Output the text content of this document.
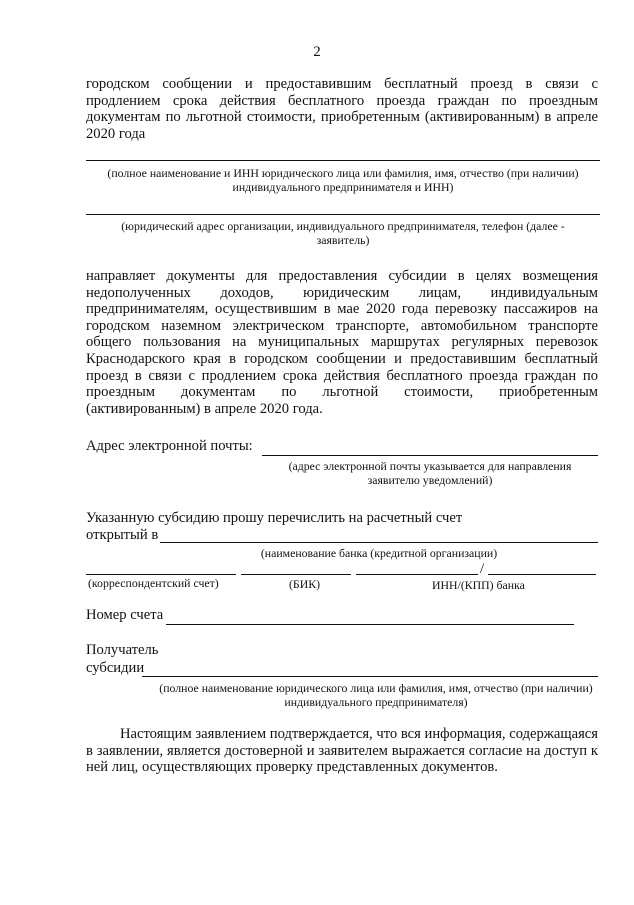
2
городском сообщении и предоставившим бесплатный проезд в связи с продлением срока действия бесплатного проезда граждан по проездным документам по льготной стоимости, приобретенным (активированным) в апреле 2020 года
(полное наименование и ИНН юридического лица или фамилия, имя, отчество (при наличии) индивидуального предпринимателя и ИНН)
(юридический адрес организации, индивидуального предпринимателя, телефон (далее - заявитель)
направляет документы для предоставления субсидии в целях возмещения недополученных доходов, юридическим лицам, индивидуальным предпринимателям, осуществившим в мае 2020 года перевозку пассажиров на городском наземном электрическом транспорте, автомобильном транспорте общего пользования на муниципальных маршрутах регулярных перевозок Краснодарского края в городском сообщении и предоставившим бесплатный проезд в связи с продлением срока действия бесплатного проезда граждан по проездным документам по льготной стоимости, приобретенным (активированным) в апреле 2020 года.
Адрес электронной почты:
(адрес электронной почты указывается для направления заявителю уведомлений)
Указанную субсидию прошу перечислить на расчетный счет
открытый в
(наименование банка (кредитной организации)
/
(корреспондентский счет)	(БИК)	ИНН/(КПП) банка
Номер счета
Получатель
субсидии
(полное наименование юридического лица или фамилия, имя, отчество (при наличии) индивидуального предпринимателя)
Настоящим заявлением подтверждается, что вся информация, содержащаяся в заявлении, является достоверной и заявителем выражается согласие на доступ к ней лиц, осуществляющих проверку представленных документов.
